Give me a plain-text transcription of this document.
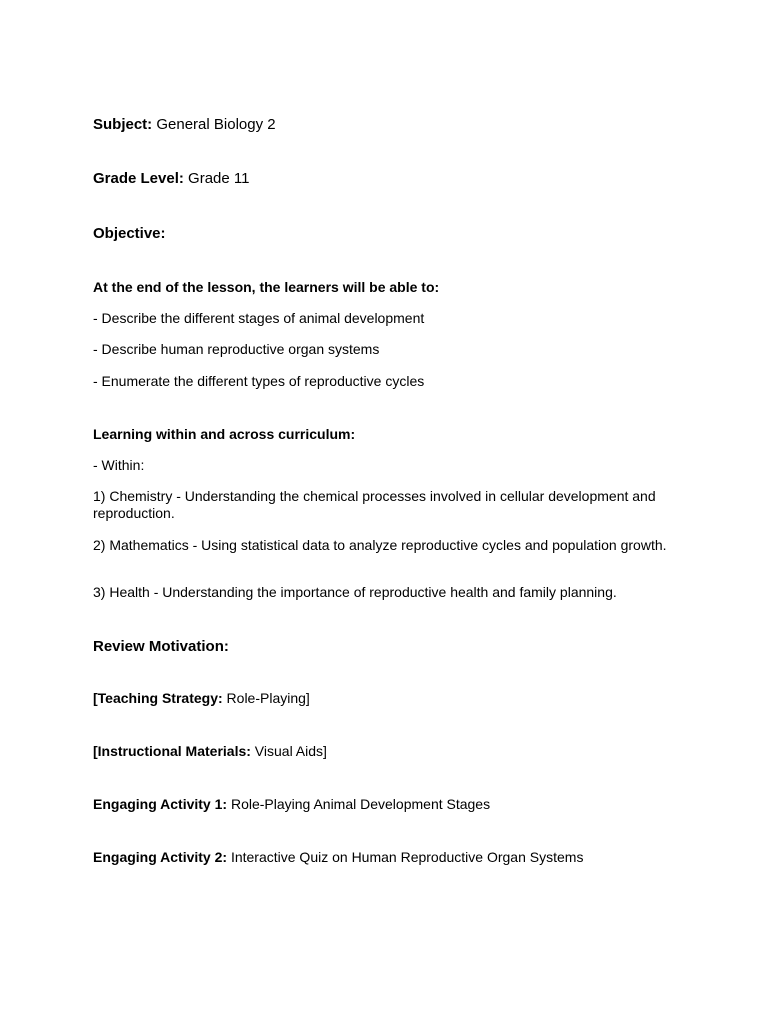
Subject: General Biology 2

Grade Level: Grade 11

Objective:

At the end of the lesson, the learners will be able to:

- Describe the different stages of animal development

- Describe human reproductive organ systems

- Enumerate the different types of reproductive cycles

Learning within and across curriculum:

- Within:

1) Chemistry - Understanding the chemical processes involved in cellular development and reproduction.

2) Mathematics - Using statistical data to analyze reproductive cycles and population growth.

3) Health - Understanding the importance of reproductive health and family planning.

Review Motivation:

[Teaching Strategy: Role-Playing]

[Instructional Materials: Visual Aids]

Engaging Activity 1: Role-Playing Animal Development Stages

Engaging Activity 2: Interactive Quiz on Human Reproductive Organ Systems
